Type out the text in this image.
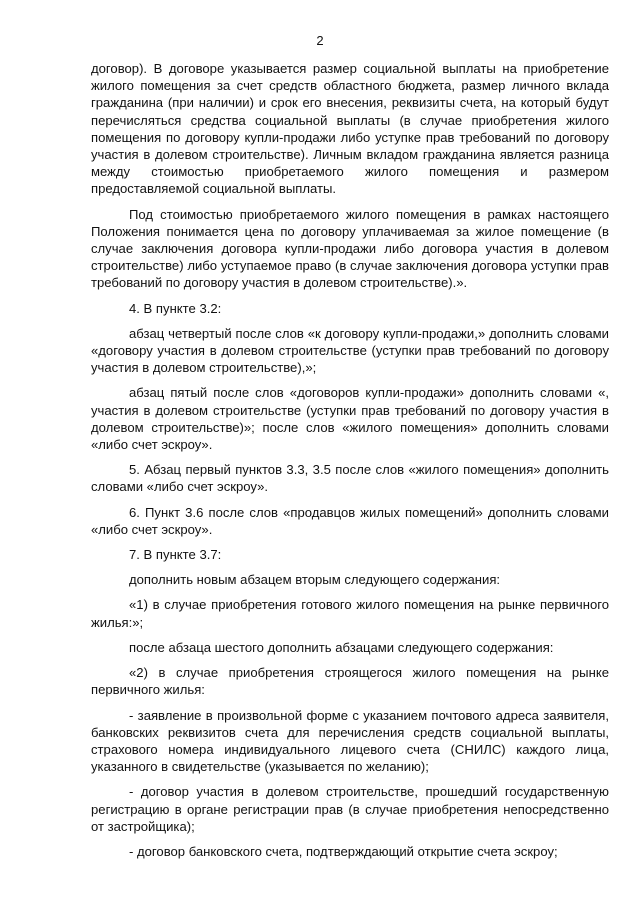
2

договор). В договоре указывается размер социальной выплаты на приобретение жилого помещения за счет средств областного бюджета, размер личного вклада гражданина (при наличии) и срок его внесения, реквизиты счета, на который будут перечисляться средства социальной выплаты (в случае приобретения жилого помещения по договору купли-продажи либо уступке прав требований по договору участия в долевом строительстве). Личным вкладом гражданина является разница между стоимостью приобретаемого жилого помещения и размером предоставляемой социальной выплаты.

Под стоимостью приобретаемого жилого помещения в рамках настоящего Положения понимается цена по договору уплачиваемая за жилое помещение (в случае заключения договора купли-продажи либо договора участия в долевом строительстве) либо уступаемое право (в случае заключения договора уступки прав требований по договору участия в долевом строительстве).».

4. В пункте 3.2:

абзац четвертый после слов «к договору купли-продажи,» дополнить словами «договору участия в долевом строительстве (уступки прав требований по договору участия в долевом строительстве),»;

абзац пятый после слов «договоров купли-продажи» дополнить словами «, участия в долевом строительстве (уступки прав требований по договору участия в долевом строительстве)»; после слов «жилого помещения» дополнить словами «либо счет эскроу».

5. Абзац первый пунктов 3.3, 3.5 после слов «жилого помещения» дополнить словами «либо счет эскроу».

6. Пункт 3.6 после слов «продавцов жилых помещений» дополнить словами «либо счет эскроу».

7. В пункте 3.7:

дополнить новым абзацем вторым следующего содержания:

«1) в случае приобретения готового жилого помещения на рынке первичного жилья:»;

после абзаца шестого дополнить абзацами следующего содержания:

«2) в случае приобретения строящегося жилого помещения на рынке первичного жилья:

- заявление в произвольной форме с указанием почтового адреса заявителя, банковских реквизитов счета для перечисления средств социальной выплаты, страхового номера индивидуального лицевого счета (СНИЛС) каждого лица, указанного в свидетельстве (указывается по желанию);

- договор участия в долевом строительстве, прошедший государственную регистрацию в органе регистрации прав (в случае приобретения непосредственно от застройщика);

- договор банковского счета, подтверждающий открытие счета эскроу;
